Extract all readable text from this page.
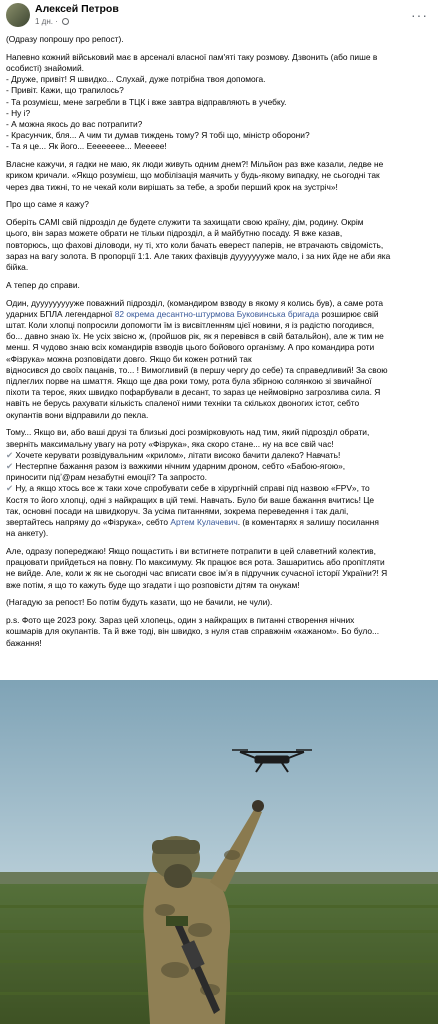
Алексей Петров
1 дн. ·	···

(Одразу попрошу про репост).

Напевно кожний військовий має в арсеналі власної пам'яті таку розмову. Дзвонить (або пише в
особисті) знайомий.
- Друже, привіт! Я швидко... Слухай, дуже потрібна твоя допомога.
- Привіт. Кажи, що трапилось?
- Та розумієш, мене загребли в ТЦК і вже завтра відправляють в учебку.
- Ну і?
- А можна якось до вас потрапити?
- Красунчик, бля... А чим ти думав тиждень тому? Я тобі що, міністр оборони?
- Та я це... Як його... Ееееееее... Меееее!

Власне кажучи, я гадки не маю, як люди живуть одним днем?! Мільйон раз вже казали, ледве не
криком кричали. «Якщо розумієш, що мобілізація маячить у будь-якому випадку, не сьогодні так
через два тижні, то не чекай коли вирішать за тебе, а зроби перший крок на зустріч»!

Про що саме я кажу?

Оберіть САМІ свій підрозділ де будете служити та захищати свою країну, дім, родину. Окрім
цього, він зараз можете обрати не тільки підрозділ, а й майбутню посаду. Я вже казав,
повторюсь, що фахові діловоди, ну ті, хто коли бачать еверест паперів, не втрачають свідомість,
зараз на вагу золота. В пропорції 1:1. Але таких фахівців дуууууууже мало, і за них йде не аби яка
бійка.

А тепер до справи.

Один, дуууууууууже поважний підрозділ, (командиром взводу в якому я колись був), а саме рота
ударних БПЛА легендарної 82 окрема десантно-штурмова Буковинська бригада розширює свій
штат. Коли хлопці попросили допомогти їм із висвітленням цієї новини, я із радістю погодився,
бо... давно знаю їх. Не усіх звісно ж, (пройшов рік, як я перевівся в свій батальйон), але ж тим не
менш. Я чудово знаю всіх командирів взводів цього бойового організму. А про командира роти
«Фізрука» можна розповідати довго. Якщо би кожен ротний так
відносився до своїх пацанів, то... ! Вимогливий (в першу чергу до себе) та справедливий! За свою
підлеглих порве на шмаття. Якщо ще два роки тому, рота була збірною солянкою зі звичайної
піхоти та тероє, яких швидко пофарбували в десант, то зараз це неймовірно загрозлива сила. Я
навіть не берусь рахувати кількість спаленої ними техніки та скількох двоногих істот, себто
окупантів вони відправили до пекла.

Тому... Якщо ви, або ваші друзі та близькі досі розмірковують над тим, який підрозділ обрати,
зверніть максимальну увагу на роту «Фізрука», яка скоро стане... ну на все свій час!
✔ Хочете керувати розвідувальним «крилом», літати високо бачити далеко? Навчать!
✔ Нестерпне бажання разом із важкими нічним ударним дроном, себто «Бабою-ягою»,
приносити підʼ@рам незабутні емоції? Та запросто.
✔ Ну, а якщо хтось все ж таки хоче спробувати себе в хірургічній справі під назвою «FPV», то
Костя то його хлопці, одні з найкращих в цій темі. Навчать. Було би ваше бажання вчитись! Це
так, основні посади на швидкоруч. За усіма питаннями, зокрема переведення і так далі,
звертайтесь напряму до «Фізрука», себто Артем Кулачевич. (в коментарях я залишу посилання
на анкету).

Але, одразу попереджаю! Якщо пощастить і ви встигнете потрапити в цей славетний колектив,
працювати прийдеться на повну. По максимуму. Як працює вся рота. Зашаритись або пропітляти
не вийде. Але, коли ж як не сьогодні час вписати своє імʼя в підручник сучасної історії України?! Я
вже потім, я що то кажуть буде що згадати і що розповісти дітям та онукам!

(Нагадую за репост! Бо потім будуть казати, що не бачили, не чули).

p.s. Фото ще 2023 року. Зараз цей хлопець, один з найкращих в питанні створення нічних
кошмарів для окупантів. Та й вже тоді, він швидко, з нуля став справжнім «кажаном». Бо було...
бажання!
